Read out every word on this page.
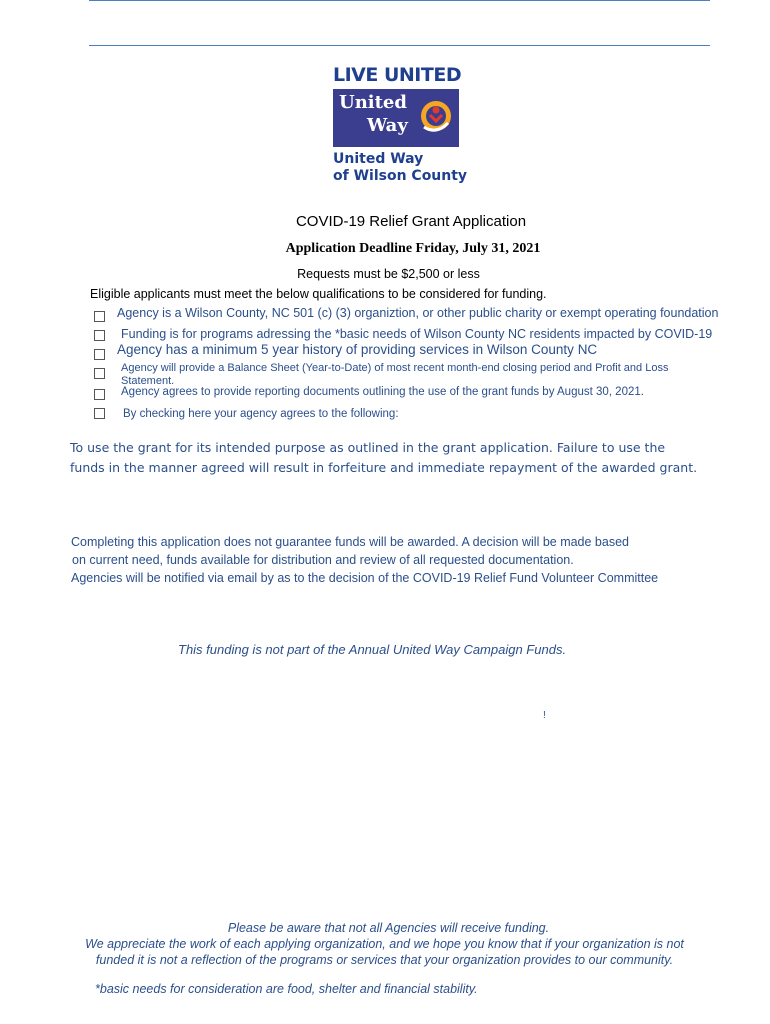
LIVE UNITED
United
Way
United Way
of Wilson County
COVID-19 Relief Grant Application
Application Deadline Friday, July 31, 2021
Requests must be $2,500 or less
Eligible applicants must meet the below qualifications to be considered for funding.
Agency is a Wilson County, NC 501 (c) (3) organiztion, or other public charity or exempt operating foundation
Funding is for programs adressing the *basic needs of Wilson County NC residents impacted by COVID-19
Agency has a minimum 5 year history of providing services in Wilson County NC
Agency will provide a Balance Sheet (Year-to-Date) of most recent month-end closing period and Profit and Loss
Statement.
Agency agrees to provide reporting documents outlining the use of the grant funds by August 30, 2021.
By checking here your agency agrees to the following:
To use the grant for its intended purpose as outlined in the grant application. Failure to use the
funds in the manner agreed will result in forfeiture and immediate repayment of the awarded grant.
Completing this application does not guarantee funds will be awarded. A decision will be made based
on current need, funds available for distribution and review of all requested documentation.
Agencies will be notified via email by as to the decision of the COVID-19 Relief Fund Volunteer Committee
This funding is not part of the Annual United Way Campaign Funds.
!
Please be aware that not all Agencies will receive funding.
We appreciate the work of each applying organization, and we hope you know that if your organization is not
funded it is not a reflection of the programs or services that your organization provides to our community.
*basic needs for consideration are food, shelter and financial stability.
